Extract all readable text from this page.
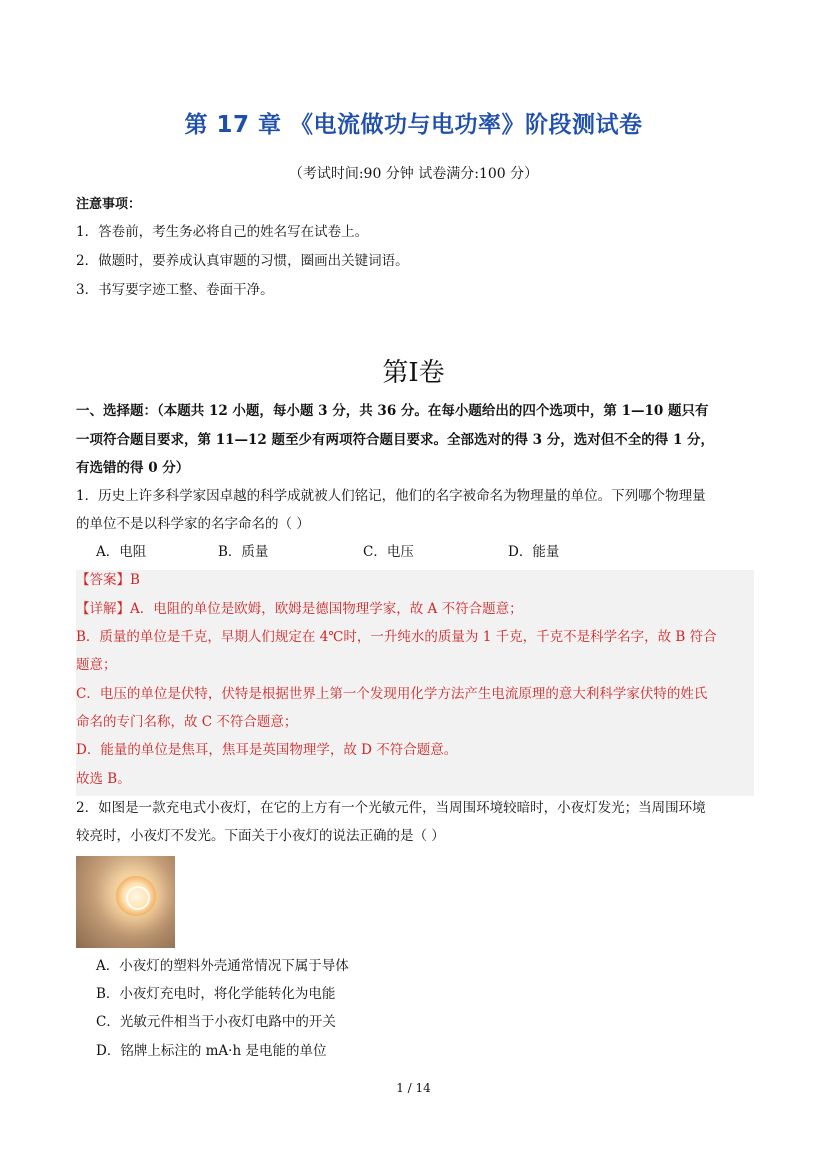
第 17 章 《电流做功与电功率》阶段测试卷
（考试时间:90 分钟 试卷满分:100 分）
注意事项：
1．答卷前，考生务必将自己的姓名写在试卷上。
2．做题时，要养成认真审题的习惯，圈画出关键词语。
3．书写要字迹工整、卷面干净。
第I卷
一、选择题：（本题共 12 小题，每小题 3 分，共 36 分。在每小题给出的四个选项中，第 1—10 题只有
一项符合题目要求，第 11—12 题至少有两项符合题目要求。全部选对的得 3 分，选对但不全的得 1 分，
有选错的得 0 分）
1．历史上许多科学家因卓越的科学成就被人们铭记，他们的名字被命名为物理量的单位。下列哪个物理量
的单位不是以科学家的名字命名的（ ）
A．电阻	B．质量	C．电压	D．能量
【答案】B
【详解】A．电阻的单位是欧姆，欧姆是德国物理学家，故 A 不符合题意；
B．质量的单位是千克，早期人们规定在 4℃时，一升纯水的质量为 1 千克，千克不是科学名字，故 B 符合
题意；
C．电压的单位是伏特，伏特是根据世界上第一个发现用化学方法产生电流原理的意大利科学家伏特的姓氏
命名的专门名称，故 C 不符合题意；
D．能量的单位是焦耳，焦耳是英国物理学，故 D 不符合题意。
故选 B。
2．如图是一款充电式小夜灯，在它的上方有一个光敏元件，当周围环境较暗时，小夜灯发光；当周围环境
较亮时，小夜灯不发光。下面关于小夜灯的说法正确的是（ ）
A．小夜灯的塑料外壳通常情况下属于导体
B．小夜灯充电时，将化学能转化为电能
C．光敏元件相当于小夜灯电路中的开关
D．铭牌上标注的 mA·h 是电能的单位
1 / 14
